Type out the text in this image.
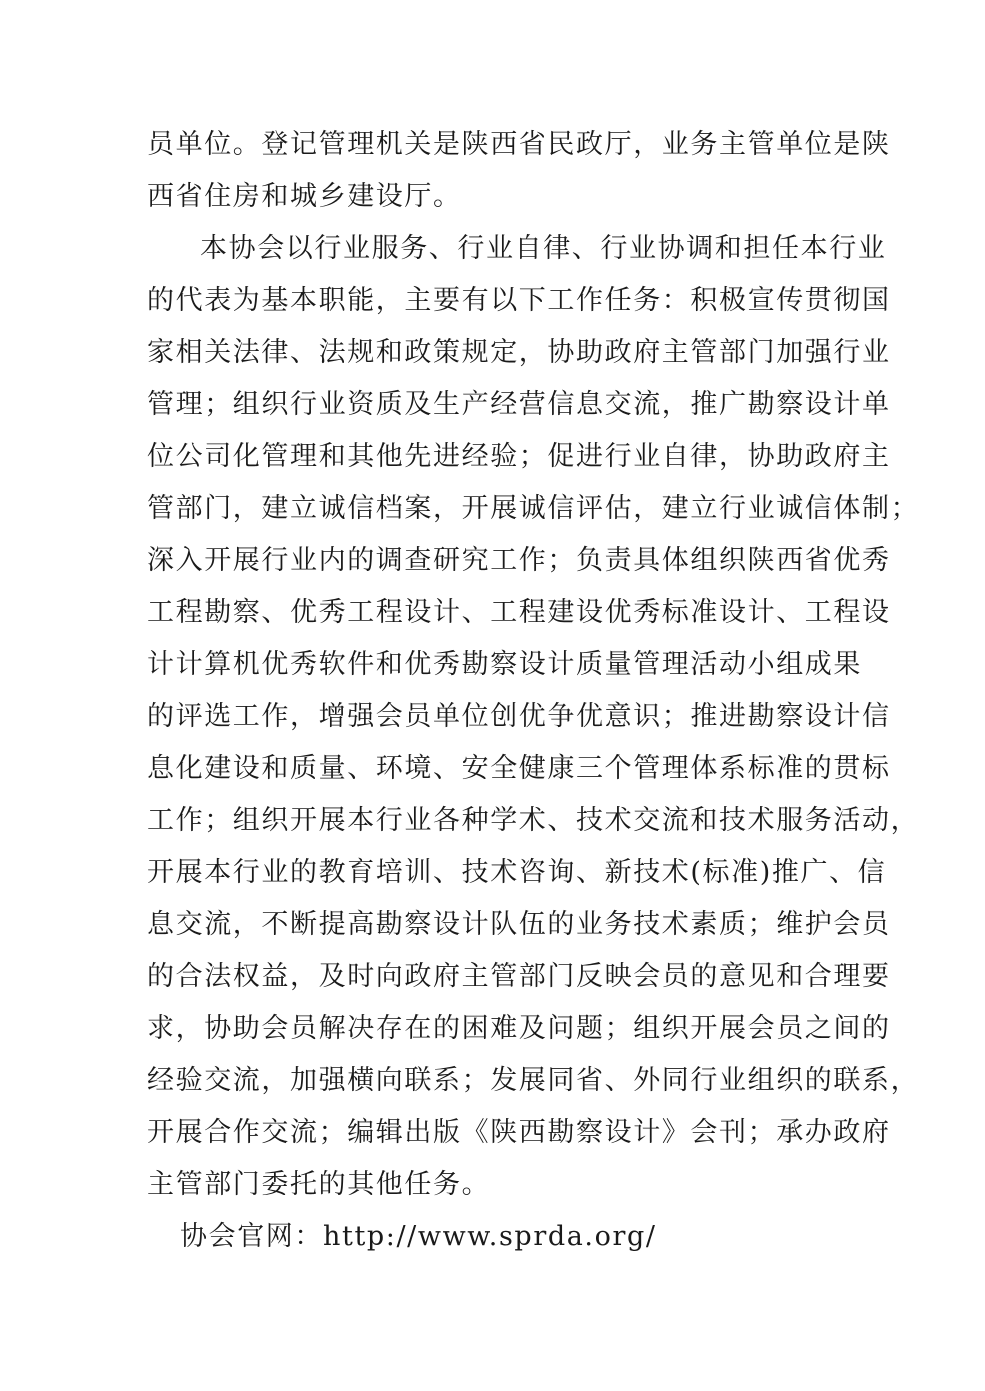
员单位。登记管理机关是陕西省民政厅，业务主管单位是陕
西省住房和城乡建设厅。
本协会以行业服务、行业自律、行业协调和担任本行业
的代表为基本职能，主要有以下工作任务：积极宣传贯彻国
家相关法律、法规和政策规定，协助政府主管部门加强行业
管理；组织行业资质及生产经营信息交流，推广勘察设计单
位公司化管理和其他先进经验；促进行业自律，协助政府主
管部门，建立诚信档案，开展诚信评估，建立行业诚信体制；
深入开展行业内的调查研究工作；负责具体组织陕西省优秀
工程勘察、优秀工程设计、工程建设优秀标准设计、工程设
计计算机优秀软件和优秀勘察设计质量管理活动小组成果
的评选工作，增强会员单位创优争优意识；推进勘察设计信
息化建设和质量、环境、安全健康三个管理体系标准的贯标
工作；组织开展本行业各种学术、技术交流和技术服务活动，
开展本行业的教育培训、技术咨询、新技术(标准)推广、信
息交流，不断提高勘察设计队伍的业务技术素质；维护会员
的合法权益，及时向政府主管部门反映会员的意见和合理要
求，协助会员解决存在的困难及问题；组织开展会员之间的
经验交流，加强横向联系；发展同省、外同行业组织的联系，
开展合作交流；编辑出版《陕西勘察设计》会刊；承办政府
主管部门委托的其他任务。
协会官网：http://www.sprda.org/
